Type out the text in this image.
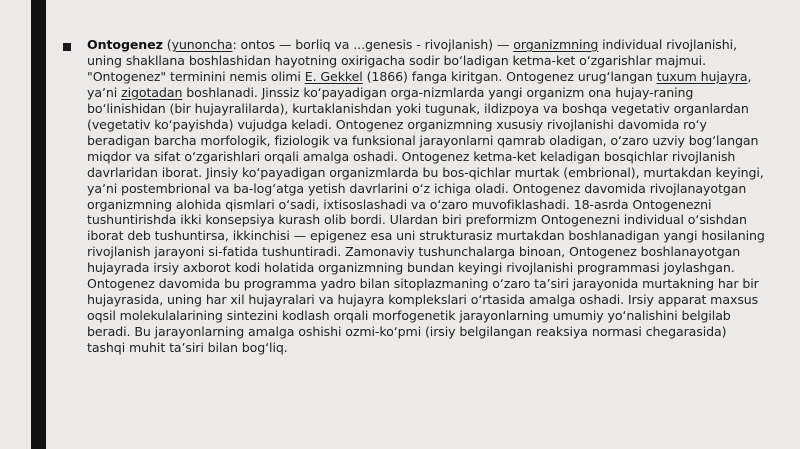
Ontogenez (yunoncha: ontos — borliq va ...genesis - rivojlanish) — organizmning individual rivojlanishi, uning shakllana boshlashidan hayotning oxirigacha sodir boʻladigan ketma-ket oʻzgarishlar majmui. "Ontogenez" terminini nemis olimi E. Gekkel (1866) fanga kiritgan. Ontogenez urugʻlangan tuxum hujayra, yaʼni zigotadan boshlanadi. Jinssiz koʻpayadigan orga-nizmlarda yangi organizm ona hujay-raning boʻlinishidan (bir hujayralilarda), kurtaklanishdan yoki tugunak, ildizpoya va boshqa vegetativ organlardan (vegetativ koʻpayishda) vujudga keladi. Ontogenez organizmning xususiy rivojlanishi davomida roʻy beradigan barcha morfologik, fiziologik va funksional jarayonlarni qamrab oladigan, oʻzaro uzviy bogʻlangan miqdor va sifat oʻzgarishlari orqali amalga oshadi. Ontogenez ketma-ket keladigan bosqichlar rivojlanish davrlaridan iborat. Jinsiy koʻpayadigan organizmlarda bu bos-qichlar murtak (embrional), murtakdan keyingi, yaʼni postembrional va ba-logʻatga yetish davrlarini oʻz ichiga oladi. Ontogenez davomida rivojlanayotgan organizmning alohida qismlari oʻsadi, ixtisoslashadi va oʻzaro muvofiklashadi. 18-asrda Ontogenezni tushuntirishda ikki konsepsiya kurash olib bordi. Ulardan biri preformizm Ontogenezni individual oʻsishdan iborat deb tushuntirsa, ikkinchisi — epigenez esa uni strukturasiz murtakdan boshlanadigan yangi hosilaning rivojlanish jarayoni si-fatida tushuntiradi. Zamonaviy tushunchalarga binoan, Ontogenez boshlanayotgan hujayrada irsiy axborot kodi holatida organizmning bundan keyingi rivojlanishi programmasi joylashgan. Ontogenez davomida bu programma yadro bilan sitoplazmaning oʻzaro taʼsiri jarayonida murtakning har bir hujayrasida, uning har xil hujayralari va hujayra komplekslari oʻrtasida amalga oshadi. Irsiy apparat maxsus oqsil molekulalarining sintezini kodlash orqali morfogenetik jarayonlarning umumiy yoʻnalishini belgilab beradi. Bu jarayonlarning amalga oshishi ozmi-koʻpmi (irsiy belgilangan reaksiya normasi chegarasida) tashqi muhit taʼsiri bilan bogʻliq.
